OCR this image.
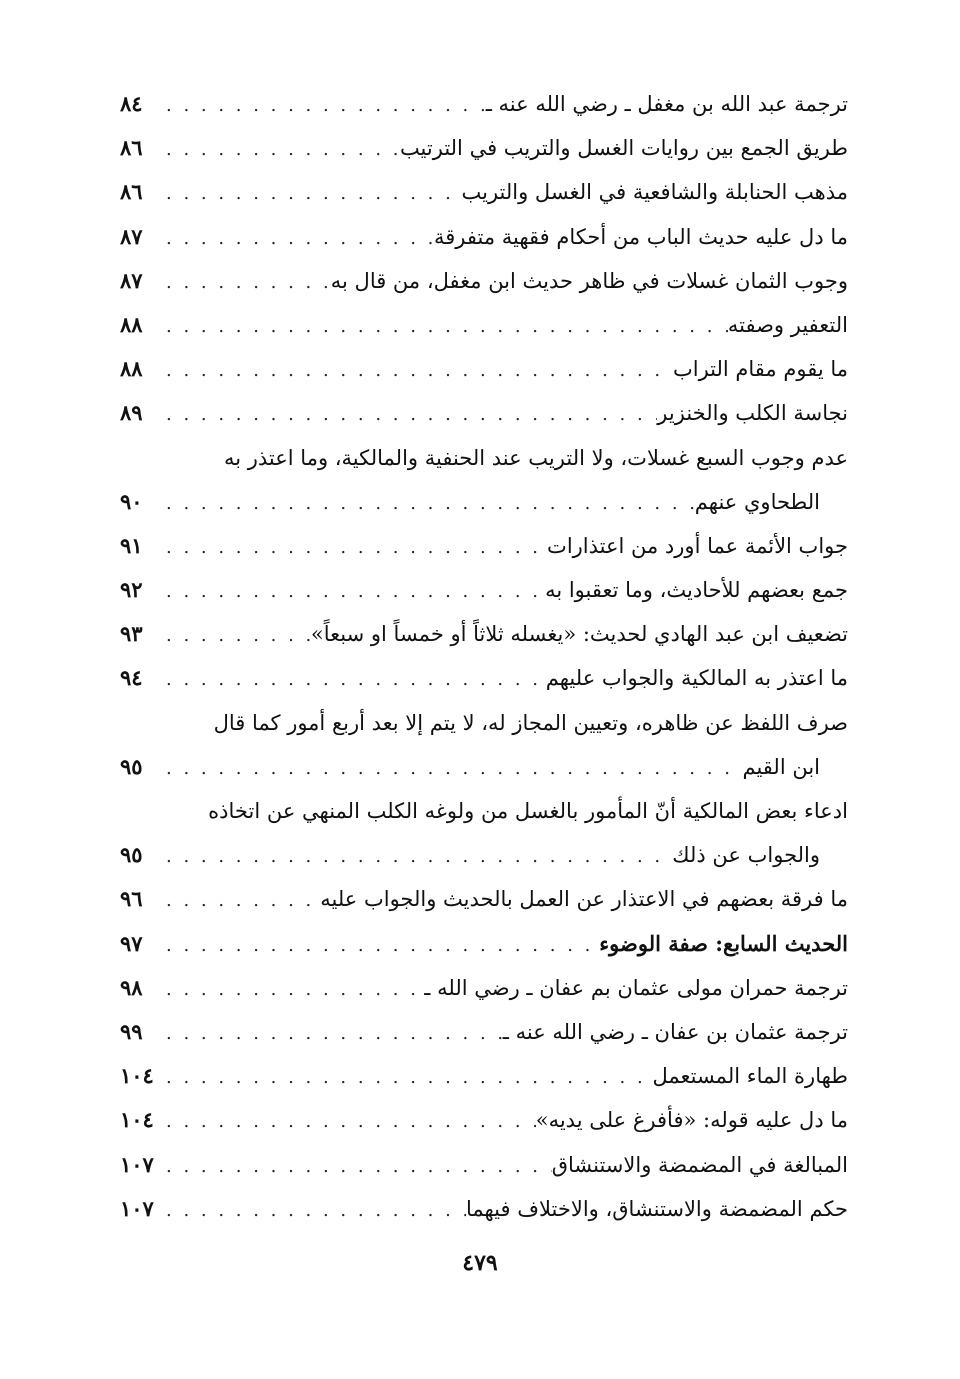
ترجمة عبد الله بن مغفل ـ رضي الله عنه ـ
. . .
٨٤
طريق الجمع بين روايات الغسل والتريب في الترتيب
. . .
٨٦
مذهب الحنابلة والشافعية في الغسل والتريب
. . .
٨٦
ما دل عليه حديث الباب من أحكام فقهية متفرقة
. . .
٨٧
وجوب الثمان غسلات في ظاهر حديث ابن مغفل، من قال به
. . .
٨٧
التعفير وصفته
. . .
٨٨
ما يقوم مقام التراب
. . .
٨٨
نجاسة الكلب والخنزير
. . .
٨٩
عدم وجوب السبع غسلات، ولا التريب عند الحنفية والمالكية، وما اعتذر به
الطحاوي عنهم
. . .
٩٠
جواب الأئمة عما أورد من اعتذارات
. . .
٩١
جمع بعضهم للأحاديث، وما تعقبوا به
. . .
٩٢
تضعيف ابن عبد الهادي لحديث: «يغسله ثلاثاً أو خمساً او سبعاً»
. . .
٩٣
ما اعتذر به المالكية والجواب عليهم
. . .
٩٤
صرف اللفظ عن ظاهره، وتعيين المجاز له، لا يتم إلا بعد أربع أمور كما قال
ابن القيم
. . .
٩٥
ادعاء بعض المالكية أنّ المأمور بالغسل من ولوغه الكلب المنهي عن اتخاذه
والجواب عن ذلك
. . .
٩٥
ما فرقة بعضهم في الاعتذار عن العمل بالحديث والجواب عليه
. . .
٩٦
الحديث السابع: صفة الوضوء
. . .
٩٧
ترجمة حمران مولى عثمان بم عفان ـ رضي الله ـ
. . .
٩٨
ترجمة عثمان بن عفان ـ رضي الله عنه ـ
. . .
٩٩
طهارة الماء المستعمل
. . .
١٠٤
ما دل عليه قوله: «فأفرغ على يديه»
. . .
١٠٤
المبالغة في المضمضة والاستنشاق
. . .
١٠٧
حكم المضمضة والاستنشاق، والاختلاف فيهما
. . .
١٠٧
٤٧٩
